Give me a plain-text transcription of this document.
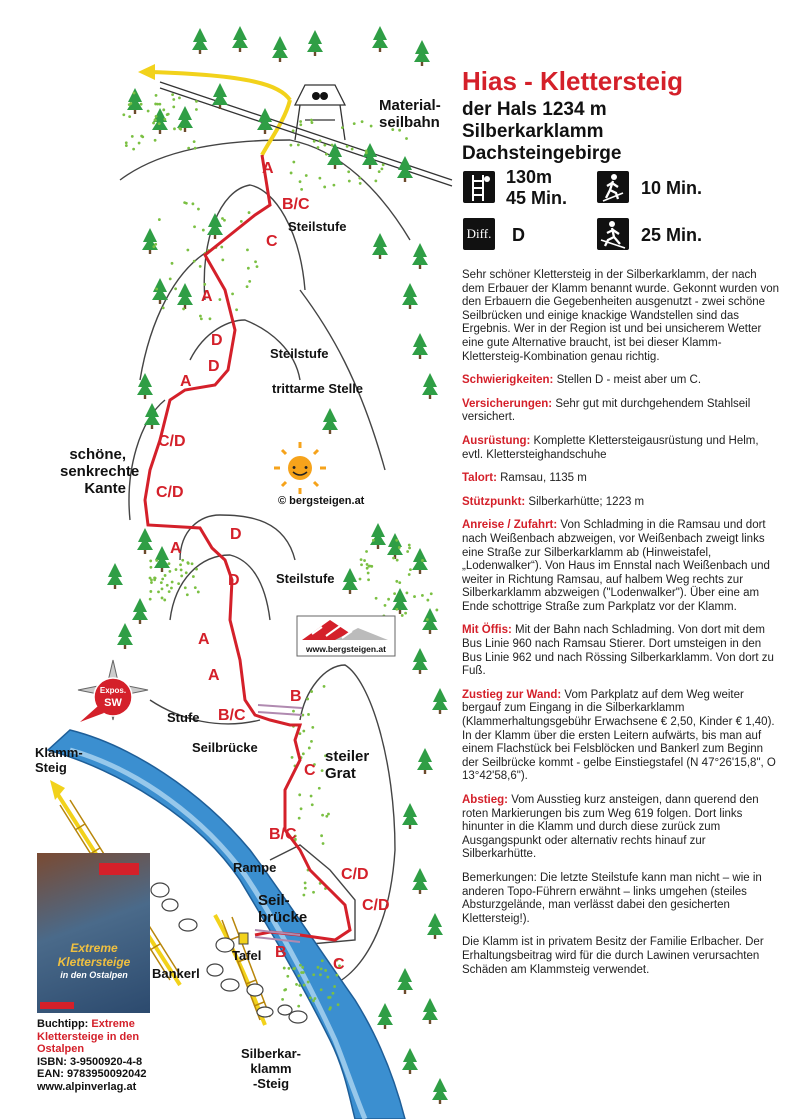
Expos.
SW
www.bergsteigen.at
Material-
seilbahn
Steilstufe
Steilstufe
trittarme Stelle
schöne,
senkrechte
Kante
© bergsteigen.at
Steilstufe
Stufe
Seilbrücke
steiler
Grat
Rampe
Seil-
brücke
Tafel
Bankerl
Klamm-
Steig
Silberkar-
klamm
-Steig
A
B/C
C
A
D
D
A
C/D
C/D
A
D
D
A
A
B/C
B
C
B/C
C/D
C/D
B
C
Extreme
Klettersteige
in den Ostalpen
Buchtipp: Extreme
Klettersteige in den
Ostalpen
ISBN: 3-9500920-4-8
EAN: 9783950092042
www.alpinverlag.at
Hias - Klettersteig
der Hals 1234 m
Silberkarklamm
Dachsteingebirge
130m
45 Min.	10 Min.
Diff. D	25 Min.

Sehr schöner Klettersteig in der Silberkarklamm, der nach dem Erbauer der Klamm benannt wurde. Gekonnt wurden von den Erbauern die Gegebenheiten ausgenutzt - zwei schöne Seilbrücken und einige knackige Wandstellen sind das Ergebnis. Wer in der Region ist und bei unsicherem Wetter eine gute Alternative braucht, ist bei dieser Klamm-Klettersteig-Kombination genau richtig.

Schwierigkeiten: Stellen D - meist aber um C.

Versicherungen: Sehr gut mit durchgehendem Stahlseil versichert.

Ausrüstung: Komplette Klettersteigausrüstung und Helm, evtl. Klettersteighandschuhe

Talort: Ramsau, 1135 m

Stützpunkt: Silberkarhütte; 1223 m

Anreise / Zufahrt: Von Schladming in die Ramsau und dort nach Weißenbach abzweigen, vor Weißenbach zweigt links eine Straße zur Silberkarklamm ab (Hinweistafel, „Lodenwalker“). Von Haus im Ennstal nach Weißenbach und weiter in Richtung Ramsau, auf halbem Weg rechts zur Silberkarklamm abzweigen ("Lodenwalker"). Über eine am Ende schottrige Straße zum Parkplatz vor der Klamm.

Mit Öffis: Mit der Bahn nach Schladming. Von dort mit dem Bus Linie 960 nach Ramsau Stierer. Dort umsteigen in den Bus Linie 962 und nach Rössing Silberkarklamm. Von dort zu Fuß.

Zustieg zur Wand: Vom Parkplatz auf dem Weg weiter bergauf zum Eingang in die Silberkarklamm (Klammerhaltungsgebühr Erwachsene € 2,50, Kinder € 1,40). In der Klamm über die ersten Leitern aufwärts, bis man auf einem Flachstück bei Felsblöcken und Bankerl zum Beginn der Seilbrücke kommt - gelbe Einstiegstafel (N 47°26'15,8", O 13°42'58,6").

Abstieg: Vom Ausstieg kurz ansteigen, dann querend den roten Markierungen bis zum Weg 619 folgen. Dort links hinunter in die Klamm und durch diese zurück zum Ausgangspunkt oder alternativ rechts hinauf zur Silberkarhütte.

Bemerkungen: Die letzte Steilstufe kann man nicht – wie in anderen Topo-Führern erwähnt – links umgehen (steiles Absturzgelände, man verlässt dabei den gesicherten Klettersteig!).

Die Klamm ist in privatem Besitz der Familie Erlbacher. Der Erhaltungsbeitrag wird für die durch Lawinen verursachten Schäden am Klammsteig verwendet.
